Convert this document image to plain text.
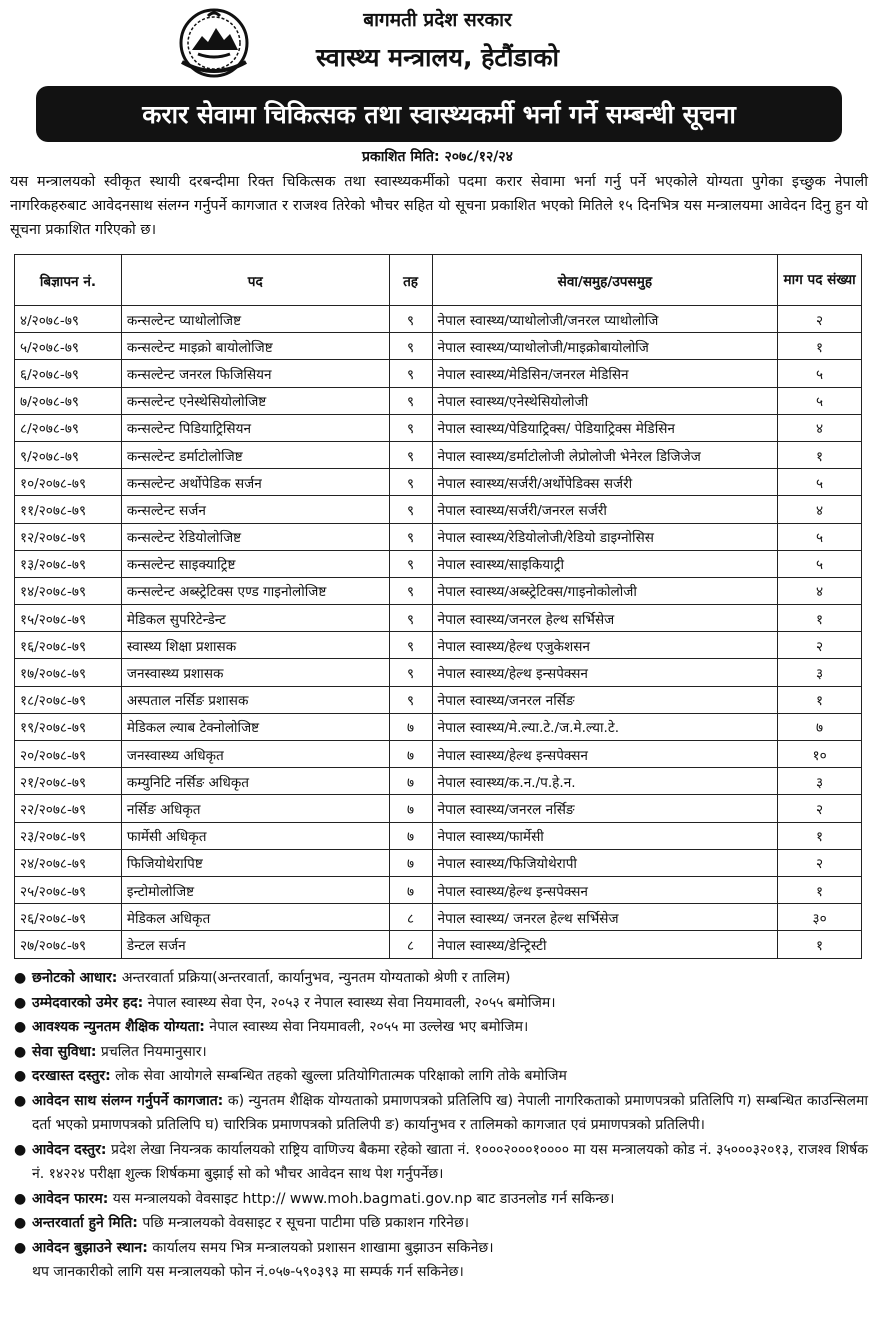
बागमती प्रदेश सरकार
स्वास्थ्य मन्त्रालय, हेटौंडाको
करार सेवामा चिकित्सक तथा स्वास्थ्यकर्मी भर्ना गर्ने सम्बन्धी सूचना
प्रकाशित मिति: २०७८/१२/२४
यस मन्त्रालयको स्वीकृत स्थायी दरबन्दीमा रिक्त चिकित्सक तथा स्वास्थ्यकर्मीको पदमा करार सेवामा भर्ना गर्नु पर्ने भएकोले योग्यता पुगेका इच्छुक नेपाली नागरिकहरुबाट आवेदनसाथ संलग्न गर्नुपर्ने कागजात र राजश्व तिरेको भौचर सहित यो सूचना प्रकाशित भएको मितिले १५ दिनभित्र यस मन्त्रालयमा आवेदन दिनु हुन यो सूचना प्रकाशित गरिएको छ।
बिज्ञापन नं.	पद	तह	सेवा/समुह/उपसमुह	माग पद संख्या
४/२०७८-७९	कन्सल्टेन्ट प्याथोलोजिष्ट	९	नेपाल स्वास्थ्य/प्याथोलोजी/जनरल प्याथोलोजि	२
५/२०७८-७९	कन्सल्टेन्ट माइक्रो बायोलोजिष्ट	९	नेपाल स्वास्थ्य/प्याथोलोजी/माइक्रोबायोलोजि	१
६/२०७८-७९	कन्सल्टेन्ट जनरल फिजिसियन	९	नेपाल स्वास्थ्य/मेडिसिन/जनरल मेडिसिन	५
७/२०७८-७९	कन्सल्टेन्ट एनेस्थेसियोलोजिष्ट	९	नेपाल स्वास्थ्य/एनेस्थेसियोलोजी	५
८/२०७८-७९	कन्सल्टेन्ट पिडियाट्रिसियन	९	नेपाल स्वास्थ्य/पेडियाट्रिक्स/ पेडियाट्रिक्स मेडिसिन	४
९/२०७८-७९	कन्सल्टेन्ट डर्माटोलोजिष्ट	९	नेपाल स्वास्थ्य/डर्माटोलोजी लेप्रोलोजी भेनेरल डिजिजेज	१
१०/२०७८-७९	कन्सल्टेन्ट अर्थोपेडिक सर्जन	९	नेपाल स्वास्थ्य/सर्जरी/अर्थोपेडिक्स सर्जरी	५
११/२०७८-७९	कन्सल्टेन्ट सर्जन	९	नेपाल स्वास्थ्य/सर्जरी/जनरल सर्जरी	४
१२/२०७८-७९	कन्सल्टेन्ट रेडियोलोजिष्ट	९	नेपाल स्वास्थ्य/रेडियोलोजी/रेडियो डाइग्नोसिस	५
१३/२०७८-७९	कन्सल्टेन्ट साइक्याट्रिष्ट	९	नेपाल स्वास्थ्य/साइकियाट्री	५
१४/२०७८-७९	कन्सल्टेन्ट अब्स्ट्रेटिक्स एण्ड गाइनोलोजिष्ट	९	नेपाल स्वास्थ्य/अब्स्ट्रेटिक्स/गाइनोकोलोजी	४
१५/२०७८-७९	मेडिकल सुपरिटेन्डेन्ट	९	नेपाल स्वास्थ्य/जनरल हेल्थ सर्भिसेज	१
१६/२०७८-७९	स्वास्थ्य शिक्षा प्रशासक	९	नेपाल स्वास्थ्य/हेल्थ एजुकेशसन	२
१७/२०७८-७९	जनस्वास्थ्य प्रशासक	९	नेपाल स्वास्थ्य/हेल्थ इन्सपेक्सन	३
१८/२०७८-७९	अस्पताल नर्सिङ प्रशासक	९	नेपाल स्वास्थ्य/जनरल नर्सिङ	१
१९/२०७८-७९	मेडिकल ल्याब टेक्नोलोजिष्ट	७	नेपाल स्वास्थ्य/मे.ल्या.टे./ज.मे.ल्या.टे.	७
२०/२०७८-७९	जनस्वास्थ्य अधिकृत	७	नेपाल स्वास्थ्य/हेल्थ इन्सपेक्सन	१०
२१/२०७८-७९	कम्युनिटि नर्सिङ अधिकृत	७	नेपाल स्वास्थ्य/क.न./प.हे.न.	३
२२/२०७८-७९	नर्सिङ अधिकृत	७	नेपाल स्वास्थ्य/जनरल नर्सिङ	२
२३/२०७८-७९	फार्मेसी अधिकृत	७	नेपाल स्वास्थ्य/फार्मेसी	१
२४/२०७८-७९	फिजियोथेरापिष्ट	७	नेपाल स्वास्थ्य/फिजियोथेरापी	२
२५/२०७८-७९	इन्टोमोलोजिष्ट	७	नेपाल स्वास्थ्य/हेल्थ इन्सपेक्सन	१
२६/२०७८-७९	मेडिकल अधिकृत	८	नेपाल स्वास्थ्य/ जनरल हेल्थ सर्भिसेज	३०
२७/२०७८-७९	डेन्टल सर्जन	८	नेपाल स्वास्थ्य/डेन्ट्रिस्टी	१
● छनोटको आधार: अन्तरवार्ता प्रक्रिया(अन्तरवार्ता, कार्यानुभव, न्युनतम योग्यताको श्रेणी र तालिम)
● उम्मेदवारको उमेर हद: नेपाल स्वास्थ्य सेवा ऐन, २०५३ र नेपाल स्वास्थ्य सेवा नियमावली, २०५५ बमोजिम।
● आवश्यक न्युनतम शैक्षिक योग्यता: नेपाल स्वास्थ्य सेवा नियमावली, २०५५ मा उल्लेख भए बमोजिम।
● सेवा सुविधा: प्रचलित नियमानुसार।
● दरखास्त दस्तुर: लोक सेवा आयोगले सम्बन्धित तहको खुल्ला प्रतियोगितात्मक परिक्षाको लागि तोके बमोजिम
● आवेदन साथ संलग्न गर्नुपर्ने कागजात: क) न्युनतम शैक्षिक योग्यताको प्रमाणपत्रको प्रतिलिपि ख) नेपाली नागरिकताको प्रमाणपत्रको प्रतिलिपि ग) सम्बन्धित काउन्सिलमा दर्ता भएको प्रमाणपत्रको प्रतिलिपि घ) चारित्रिक प्रमाणपत्रको प्रतिलिपी ङ) कार्यानुभव र तालिमको कागजात एवं प्रमाणपत्रको प्रतिलिपी।
● आवेदन दस्तुर: प्रदेश लेखा नियन्त्रक कार्यालयको राष्ट्रिय वाणिज्य बैकमा रहेको खाता नं. १०००२०००१०००० मा यस मन्त्रालयको कोड नं. ३५०००३२०१३, राजश्व शिर्षक नं. १४२२४ परीक्षा शुल्क शिर्षकमा बुझाई सो को भौचर आवेदन साथ पेश गर्नुपर्नेछ।
● आवेदन फारम: यस मन्त्रालयको वेवसाइट http:// www.moh.bagmati.gov.np बाट डाउनलोड गर्न सकिन्छ।
● अन्तरवार्ता हुने मिति: पछि मन्त्रालयको वेवसाइट र सूचना पाटीमा पछि प्रकाशन गरिनेछ।
● आवेदन बुझाउने स्थान: कार्यालय समय भित्र मन्त्रालयको प्रशासन शाखामा बुझाउन सकिनेछ।
थप जानकारीको लागि यस मन्त्रालयको फोन नं.०५७-५९०३९३ मा सम्पर्क गर्न सकिनेछ।
